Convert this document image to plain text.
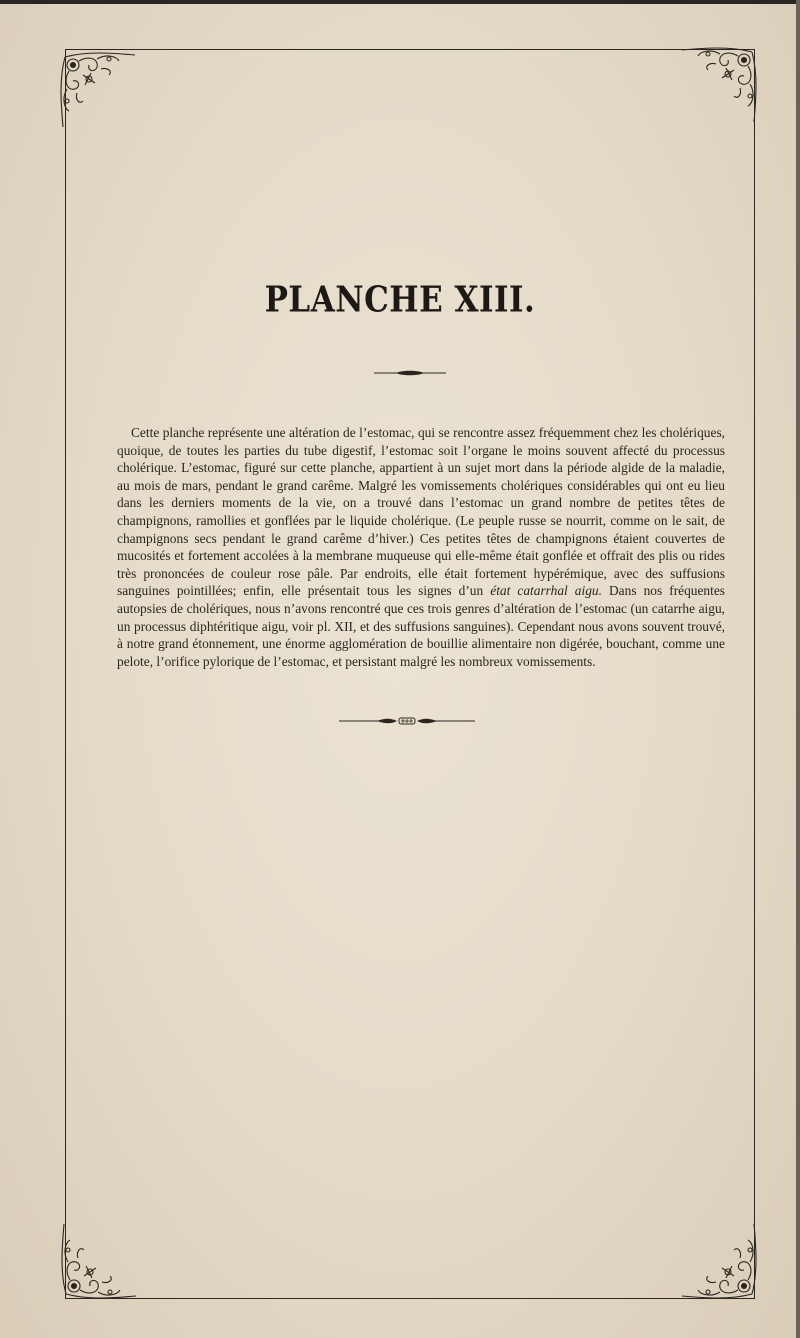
PLANCHE XIII.

Cette planche représente une altération de l’estomac, qui se rencontre assez fréquemment chez les cholériques, quoique, de toutes les parties du tube digestif, l’estomac soit l’organe le moins souvent affecté du processus cholérique. L’estomac, figuré sur cette planche, appartient à un sujet mort dans la période algide de la maladie, au mois de mars, pendant le grand carême. Malgré les vomissements cholériques considérables qui ont eu lieu dans les derniers moments de la vie, on a trouvé dans l’estomac un grand nombre de petites têtes de champignons, ramollies et gonflées par le liquide cholérique. (Le peuple russe se nourrit, comme on le sait, de champignons secs pendant le grand carême d’hiver.) Ces petites têtes de champignons étaient couvertes de mucosités et fortement accolées à la membrane muqueuse qui elle-même était gonflée et offrait des plis ou rides très prononcées de couleur rose pâle. Par endroits, elle était fortement hypérémique, avec des suffusions sanguines pointillées; enfin, elle présentait tous les signes d’un état catarrhal aigu. Dans nos fréquentes autopsies de cholériques, nous n’avons rencontré que ces trois genres d’altération de l’estomac (un catarrhe aigu, un processus diphtéritique aigu, voir pl. XII, et des suffusions sanguines). Cependant nous avons souvent trouvé, à notre grand étonnement, une énorme agglomération de bouillie alimentaire non digérée, bouchant, comme une pelote, l’orifice pylorique de l’estomac, et persistant malgré les nombreux vomissements.
